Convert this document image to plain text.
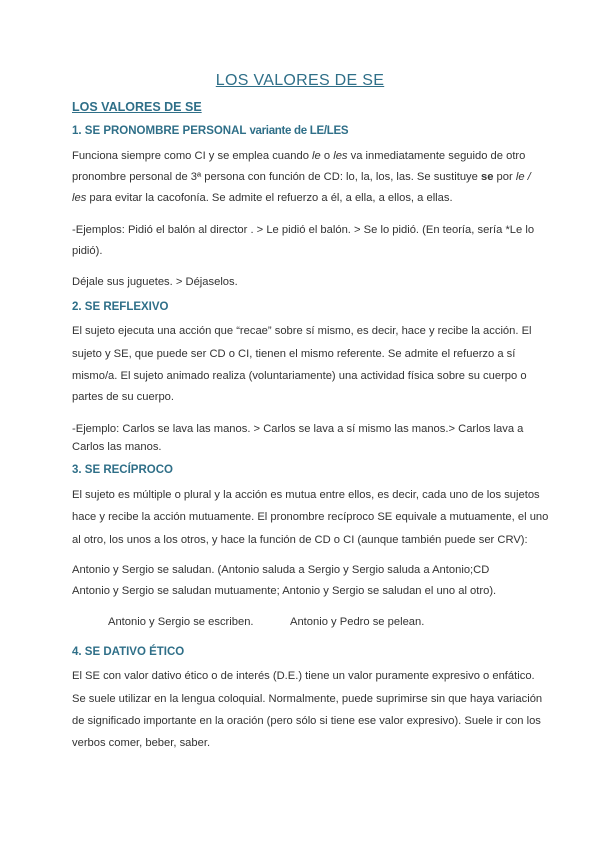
LOS VALORES DE SE
LOS VALORES DE SE
1. SE PRONOMBRE PERSONAL variante de LE/LES
Funciona siempre como CI y se emplea cuando le o les va inmediatamente seguido de otro
pronombre personal de 3ª persona con función de CD: lo, la, los, las. Se sustituye se por le /
les para evitar la cacofonía. Se admite el refuerzo a él, a ella, a ellos, a ellas.
-Ejemplos: Pidió el balón al director . > Le pidió el balón. > Se lo pidió. (En teoría, sería *Le lo
pidió).
Déjale sus juguetes. > Déjaselos.
2. SE REFLEXIVO
El sujeto ejecuta una acción que “recae” sobre sí mismo, es decir, hace y recibe la acción. El
sujeto y SE, que puede ser CD o CI, tienen el mismo referente. Se admite el refuerzo a sí
mismo/a. El sujeto animado realiza (voluntariamente) una actividad física sobre su cuerpo o
partes de su cuerpo.
-Ejemplo: Carlos se lava las manos. > Carlos se lava a sí mismo las manos.> Carlos lava a
Carlos las manos.
3. SE RECÍPROCO
El sujeto es múltiple o plural y la acción es mutua entre ellos, es decir, cada uno de los sujetos
hace y recibe la acción mutuamente. El pronombre recíproco SE equivale a mutuamente, el uno
al otro, los unos a los otros, y hace la función de CD o CI (aunque también puede ser CRV):
Antonio y Sergio se saludan. (Antonio saluda a Sergio y Sergio saluda a Antonio;CD
Antonio y Sergio se saludan mutuamente; Antonio y Sergio se saludan el uno al otro).
Antonio y Sergio se escriben.	Antonio y Pedro se pelean.
4. SE DATIVO ÉTICO
El SE con valor dativo ético o de interés (D.E.) tiene un valor puramente expresivo o enfático.
Se suele utilizar en la lengua coloquial. Normalmente, puede suprimirse sin que haya variación
de significado importante en la oración (pero sólo si tiene ese valor expresivo). Suele ir con los
verbos comer, beber, saber.
